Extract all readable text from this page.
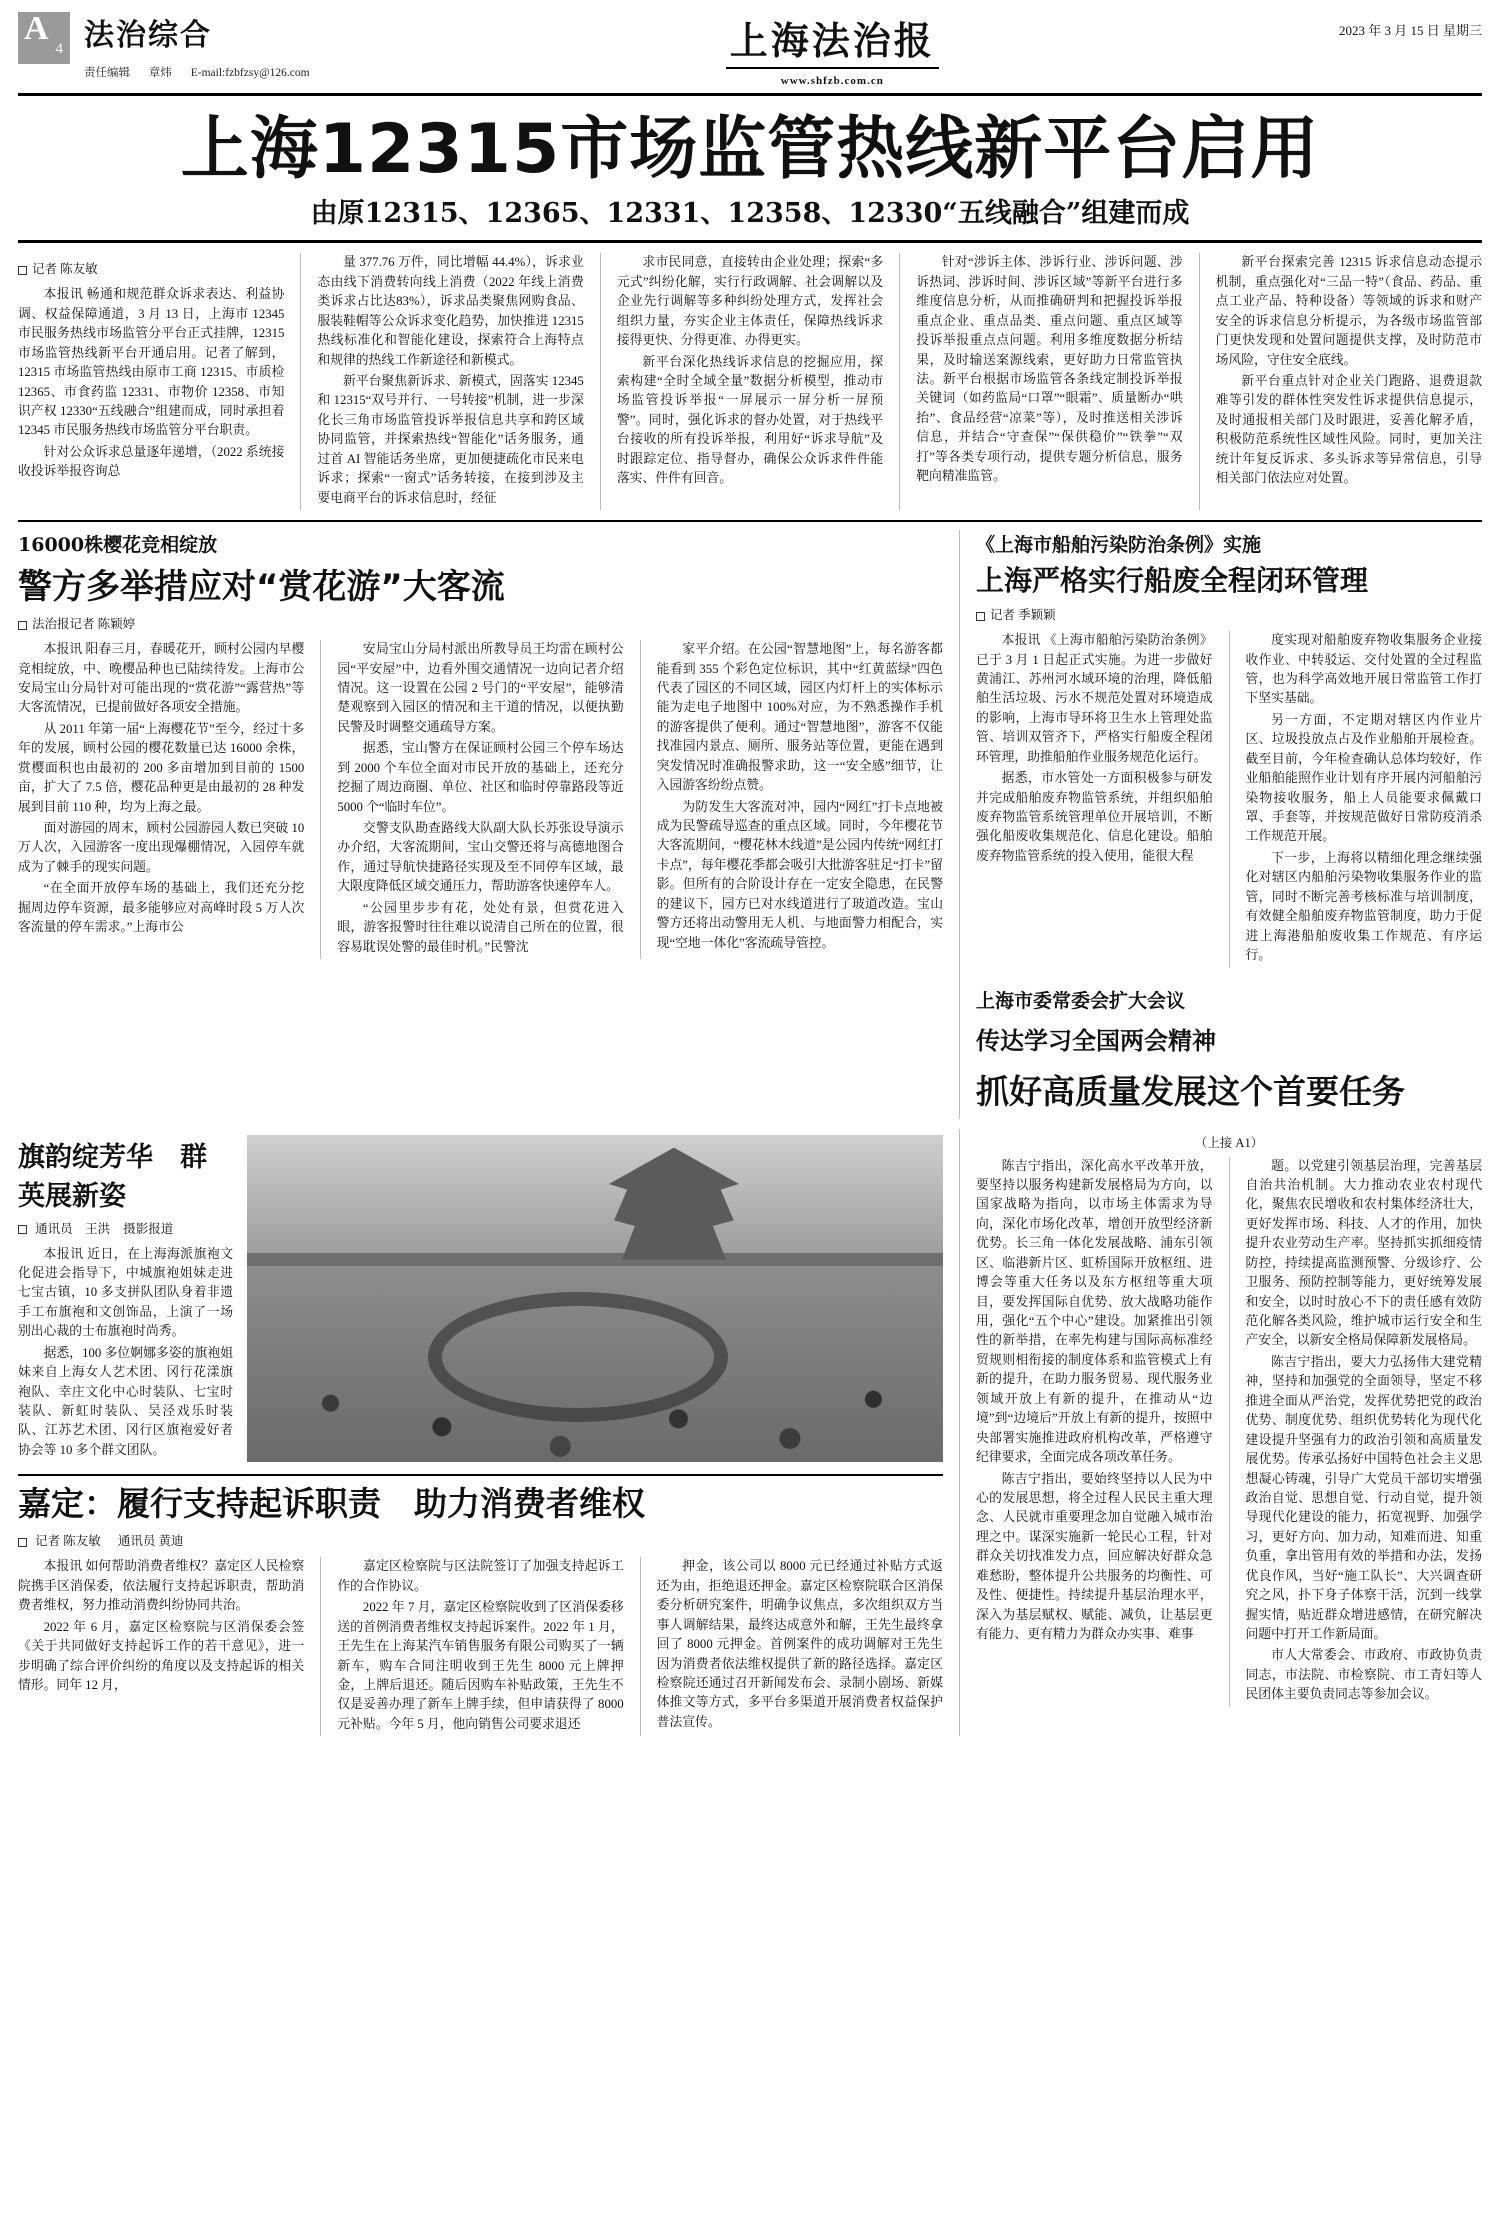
A
4 法治综合
责任编辑 章炜 E-mail:fzbfzsy@126.com
上海法治报
www.shfzb.com.cn
2023 年 3 月 15 日 星期三
上海12315市场监管热线新平台启用
由原12315、12365、12331、12358、12330“五线融合”组建而成
记者 陈友敏

本报讯 畅通和规范群众诉求表达、利益协调、权益保障通道，3 月 13 日，上海市 12345 市民服务热线市场监管分平台正式挂牌，12315 市场监管热线新平台开通启用。记者了解到，12315 市场监管热线由原市工商 12315、市质检 12365、市食药监 12331、市物价 12358、市知识产权 12330“五线融合”组建而成，同时承担着12345 市民服务热线市场监管分平台职责。

针对公众诉求总量逐年递增，（2022 系统接收投诉举报咨询总

量 377.76 万件，同比增幅 44.4%），诉求业态由线下消费转向线上消费（2022 年线上消费类诉求占比达83%），诉求品类聚焦网购食品、服装鞋帽等公众诉求变化趋势，加快推进 12315 热线标准化和智能化建设，探索符合上海特点和规律的热线工作新途径和新模式。

新平台聚焦新诉求、新模式，固落实 12345 和 12315“双号并行、一号转接”机制，进一步深化长三角市场监管投诉举报信息共享和跨区域协同监管，并探索热线“智能化”话务服务，通过首 AI 智能话务坐席，更加便捷疏化市民来电诉求；探索“一窗式”话务转接，在接到涉及主要电商平台的诉求信息时，经征

求市民同意，直接转由企业处理；探索“多元式”纠纷化解，实行行政调解、社会调解以及企业先行调解等多种纠纷处理方式，发挥社会组织力量，夯实企业主体责任，保障热线诉求接得更快、分得更准、办得更实。

新平台深化热线诉求信息的挖掘应用，探索构建“全时全域全量”数据分析模型，推动市场监管投诉举报“一屏展示一屏分析一屏预警”。同时，强化诉求的督办处置，对于热线平台接收的所有投诉举报，利用好“诉求导航”及时跟踪定位、指导督办，确保公众诉求件件能落实、件件有回音。

针对“涉诉主体、涉诉行业、涉诉问题、涉诉热词、涉诉时间、涉诉区域”等新平台进行多维度信息分析，从而推确研判和把握投诉举报重点企业、重点品类、重点问题、重点区域等投诉举报重点点问题。利用多维度数据分析结果，及时输送案源线索，更好助力日常监管执法。新平台根据市场监管各条线定制投诉举报关键词（如药监局“口罩”“眼霜”、质量断办“哄抬”、食品经营“凉菜”等），及时推送相关涉诉信息，并结合“守查保”“保供稳价”“铁拳”“双打”等各类专项行动，提供专题分析信息，服务靶向精准监管。

新平台探索完善 12315 诉求信息动态提示机制，重点强化对“三品一特”（食品、药品、重点工业产品、特种设备）等领域的诉求和财产安全的诉求信息分析提示，为各级市场监管部门更快发现和处置问题提供支撑，及时防范市场风险，守住安全底线。

新平台重点针对企业关门跑路、退费退款难等引发的群体性突发性诉求提供信息提示，及时通报相关部门及时跟进，妥善化解矛盾，积极防范系统性区域性风险。同时，更加关注统计年复反诉求、多头诉求等异常信息，引导相关部门依法应对处置。

16000株樱花竞相绽放
警方多举措应对“赏花游”大客流
法治报记者 陈颖婷

本报讯 阳春三月，春暖花开，顾村公园内早樱竞相绽放，中、晚樱品种也已陆续待发。上海市公安局宝山分局针对可能出现的“赏花游”“露营热”等大客流情况，已提前做好各项安全措施。

从 2011 年第一届“上海樱花节”至今，经过十多年的发展，顾村公园的樱花数量已达 16000 余株，赏樱面积也由最初的 200 多亩增加到目前的 1500 亩，扩大了 7.5 倍，樱花品种更是由最初的 28 种发展到目前 110 种，均为上海之最。

面对游园的周末，顾村公园游园人数已突破 10 万人次，入园游客一度出现爆棚情况，入园停车就成为了棘手的现实问题。

“在全面开放停车场的基础上，我们还充分挖掘周边停车资源，最多能够应对高峰时段 5 万人次客流量的停车需求。”上海市公

安局宝山分局村派出所教导员王均雷在顾村公园“平安屋”中，边看外围交通情况一边向记者介绍情况。这一设置在公园 2 号门的“平安屋”，能够清楚观察到入园区的情况和主干道的情况，以便执勤民警及时调整交通疏导方案。

据悉，宝山警方在保证顾村公园三个停车场达到 2000 个车位全面对市民开放的基础上，还充分挖掘了周边商圈、单位、社区和临时停靠路段等近 5000 个“临时车位”。

交警支队勘查路线大队副大队长苏张设导演示办介绍，大客流期间，宝山交警还将与高德地图合作，通过导航快捷路径实现及至不同停车区域，最大限度降低区域交通压力，帮助游客快速停车人。

“公园里步步有花，处处有景，但赏花进入眼，游客报警时往往难以说清自己所在的位置，很容易耽误处警的最佳时机。”民警沈

家平介绍。在公园“智慧地图”上，每名游客都能看到 355 个彩色定位标识，其中“红黄蓝绿”四色代表了园区的不同区域，园区内灯杆上的实体标示能为走电子地图中 100%对应，为不熟悉操作手机的游客提供了便利。通过“智慧地图”，游客不仅能找准园内景点、厕所、服务站等位置，更能在遇到突发情况时准确报警求助，这一“安全感”细节，让入园游客纷纷点赞。

为防发生大客流对冲，园内“网红”打卡点地被成为民警疏导巡查的重点区域。同时，今年樱花节大客流期间，“樱花林木线道”是公园内传统“网红打卡点”，每年樱花季都会吸引大批游客驻足“打卡”留影。但所有的合阶设计存在一定安全隐患，在民警的建议下，园方已对水线道进行了玻道改造。宝山警方还将出动警用无人机、与地面警力相配合，实现“空地一体化”客流疏导管控。

《上海市船舶污染防治条例》实施
上海严格实行船废全程闭环管理
记者 季颖颖

本报讯 《上海市船舶污染防治条例》已于 3 月 1 日起正式实施。为进一步做好黄浦江、苏州河水域环境的治理，降低船舶生活垃圾、污水不规范处置对环境造成的影响，上海市导环将卫生水上管理处监管、培训双管齐下，严格实行船废全程闭环管理，助推船舶作业服务规范化运行。

据悉，市水管处一方面积极参与研发并完成船舶废弃物监管系统，并组织船舶废弃物监管系统管理单位开展培训，不断强化船废收集规范化、信息化建设。船舶废弃物监管系统的投入使用，能很大程

度实现对船舶废弃物收集服务企业接收作业、中转驳运、交付处置的全过程监管，也为科学高效地开展日常监管工作打下坚实基础。

另一方面，不定期对辖区内作业片区、垃圾投放点占及作业船舶开展检查。截至目前，今年检查确认总体均较好，作业船舶能照作业计划有序开展内河船舶污染物接收服务，船上人员能要求佩戴口罩、手套等，并按规范做好日常防疫消杀工作规范开展。

下一步，上海将以精细化理念继续强化对辖区内船舶污染物收集服务作业的监管，同时不断完善考核标准与培训制度，有效健全船舶废弃物监管制度，助力于促进上海港船舶废收集工作规范、有序运行。

上海市委常委会扩大会议
传达学习全国两会精神
抓好高质量发展这个首要任务
旗韵绽芳华　群英展新姿
通讯员　王洪 摄影报道

本报讯 近日，在上海海派旗袍文化促进会指导下，中城旗袍姐妹走进七宝古镇，10 多支拼队团队身着非遗手工布旗袍和文创饰品，上演了一场别出心裁的士布旗袍时尚秀。

据悉，100 多位婀娜多姿的旗袍姐妹来自上海女人艺术团、冈行花漾旗袍队、幸庄文化中心时装队、七宝时装队、新虹时装队、吴泾戏乐时装队、江苏艺术团、冈行区旗袍爱好者协会等 10 多个群文团队。

嘉定：履行支持起诉职责　助力消费者维权
记者 陈友敏 通讯员 黄迪

本报讯 如何帮助消费者维权？嘉定区人民检察院携手区消保委，依法履行支持起诉职责，帮助消费者维权，努力推动消费纠纷协同共治。

2022 年 6 月，嘉定区检察院与区消保委会签《关于共同做好支持起诉工作的若干意见》，进一步明确了综合评价纠纷的角度以及支持起诉的相关情形。同年 12 月，

嘉定区检察院与区法院签订了加强支持起诉工作的合作协议。

2022 年 7 月，嘉定区检察院收到了区消保委移送的首例消费者维权支持起诉案件。2022 年 1 月，王先生在上海某汽车销售服务有限公司购买了一辆新车，购车合同注明收到王先生 8000 元上牌押金，上牌后退还。随后因购车补贴政策，王先生不仅是妥善办理了新车上牌手续，但申请获得了 8000 元补贴。今年 5 月，他向销售公司要求退还

押金，该公司以 8000 元已经通过补贴方式返还为由，拒绝退还押金。嘉定区检察院联合区消保委分析研究案件，明确争议焦点，多次组织双方当事人调解结果，最终达成意外和解，王先生最终拿回了 8000 元押金。首例案件的成功调解对王先生因为消费者依法维权提供了新的路径选择。嘉定区检察院还通过召开新闻发布会、录制小剧场、新媒体推文等方式，多平台多渠道开展消费者权益保护普法宣传。

（上接 A1）

陈吉宁指出，深化高水平改革开放，要坚持以服务构建新发展格局为方向，以国家战略为指向，以市场主体需求为导向，深化市场化改革，增创开放型经济新优势。长三角一体化发展战略、浦东引领区、临港新片区、虹桥国际开放枢纽、进博会等重大任务以及东方枢纽等重大项目，要发挥国际自优势、放大战略功能作用，强化“五个中心”建设。加紧推出引领性的新举措，在率先构建与国际高标准经贸规则相衔接的制度体系和监管模式上有新的提升，在助力服务贸易、现代服务业领域开放上有新的提升，在推动从“边境”到“边境后”开放上有新的提升，按照中央部署实施推进政府机构改革，严格遵守纪律要求，全面完成各项改革任务。

陈吉宁指出，要始终坚持以人民为中心的发展思想，将全过程人民民主重大理念、人民就市重要理念加自觉融入城市治理之中。谋深实施新一轮民心工程，针对群众关切找准发力点，回应解决好群众急难愁盼，整体提升公共服务的均衡性、可及性、便捷性。持续提升基层治理水平，深入为基层赋权、赋能、减负，让基层更有能力、更有精力为群众办实事、难事

题。以党建引领基层治理，完善基层自治共治机制。大力推动农业农村现代化，聚焦农民增收和农村集体经济壮大，更好发挥市场、科技、人才的作用，加快提升农业劳动生产率。坚持抓实抓细疫情防控，持续提高监测预警、分级诊疗、公卫服务、预防控制等能力，更好统筹发展和安全，以时时放心不下的责任感有效防范化解各类风险，维护城市运行安全和生产安全，以新安全格局保障新发展格局。

陈吉宁指出，要大力弘扬伟大建党精神，坚持和加强党的全面领导，坚定不移推进全面从严治党，发挥优势把党的政治优势、制度优势、组织优势转化为现代化建设提升坚强有力的政治引领和高质量发展优势。传承弘扬好中国特色社会主义思想凝心铸魂，引导广大党员干部切实增强政治自觉、思想自觉、行动自觉，提升领导现代化建设的能力，拓宽视野、加强学习，更好方向、加力动，知难而进、知重负重，拿出管用有效的举措和办法，发扬优良作风，当好“施工队长”、大兴调查研究之风，扑下身子体察干活，沉到一线掌握实情，贴近群众增进感情，在研究解决问题中打开工作新局面。

市人大常委会、市政府、市政协负责同志，市法院、市检察院、市工青妇等人民团体主要负责同志等参加会议。
